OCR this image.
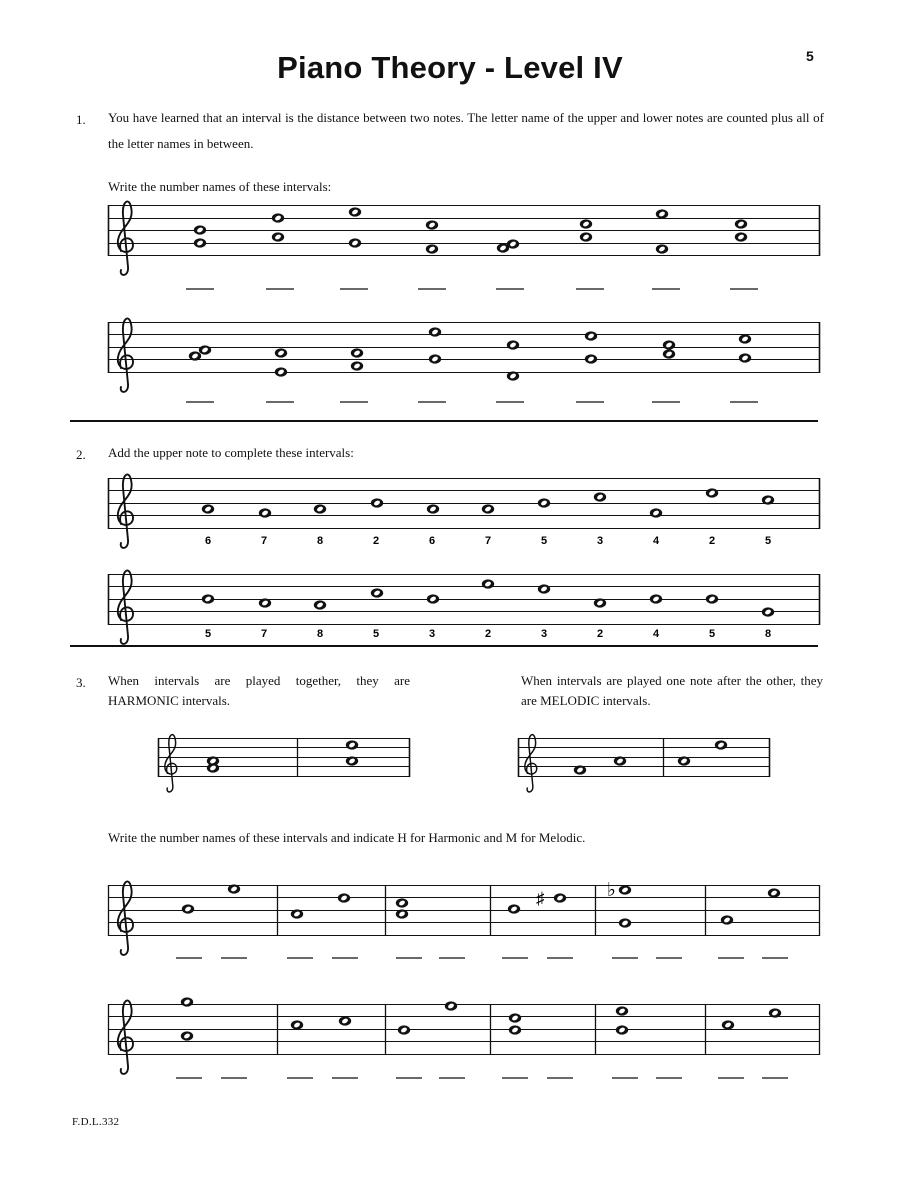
Piano Theory - Level IV	5
1. You have learned that an interval is the distance between two notes. The letter name of the upper and lower notes are counted plus all of the letter names in between.
Write the number names of these intervals:
2. Add the upper note to complete these intervals:
3. When intervals are played together, they are HARMONIC intervals.
When intervals are played one note after the other, they are MELODIC intervals.
Write the number names of these intervals and indicate H for Harmonic and M for Melodic.
F.D.L.332
6	7	8	2	6	7	5	3	4	2	5
5	7	8	5	3	2	3	2	4	5	8
♯	♭
